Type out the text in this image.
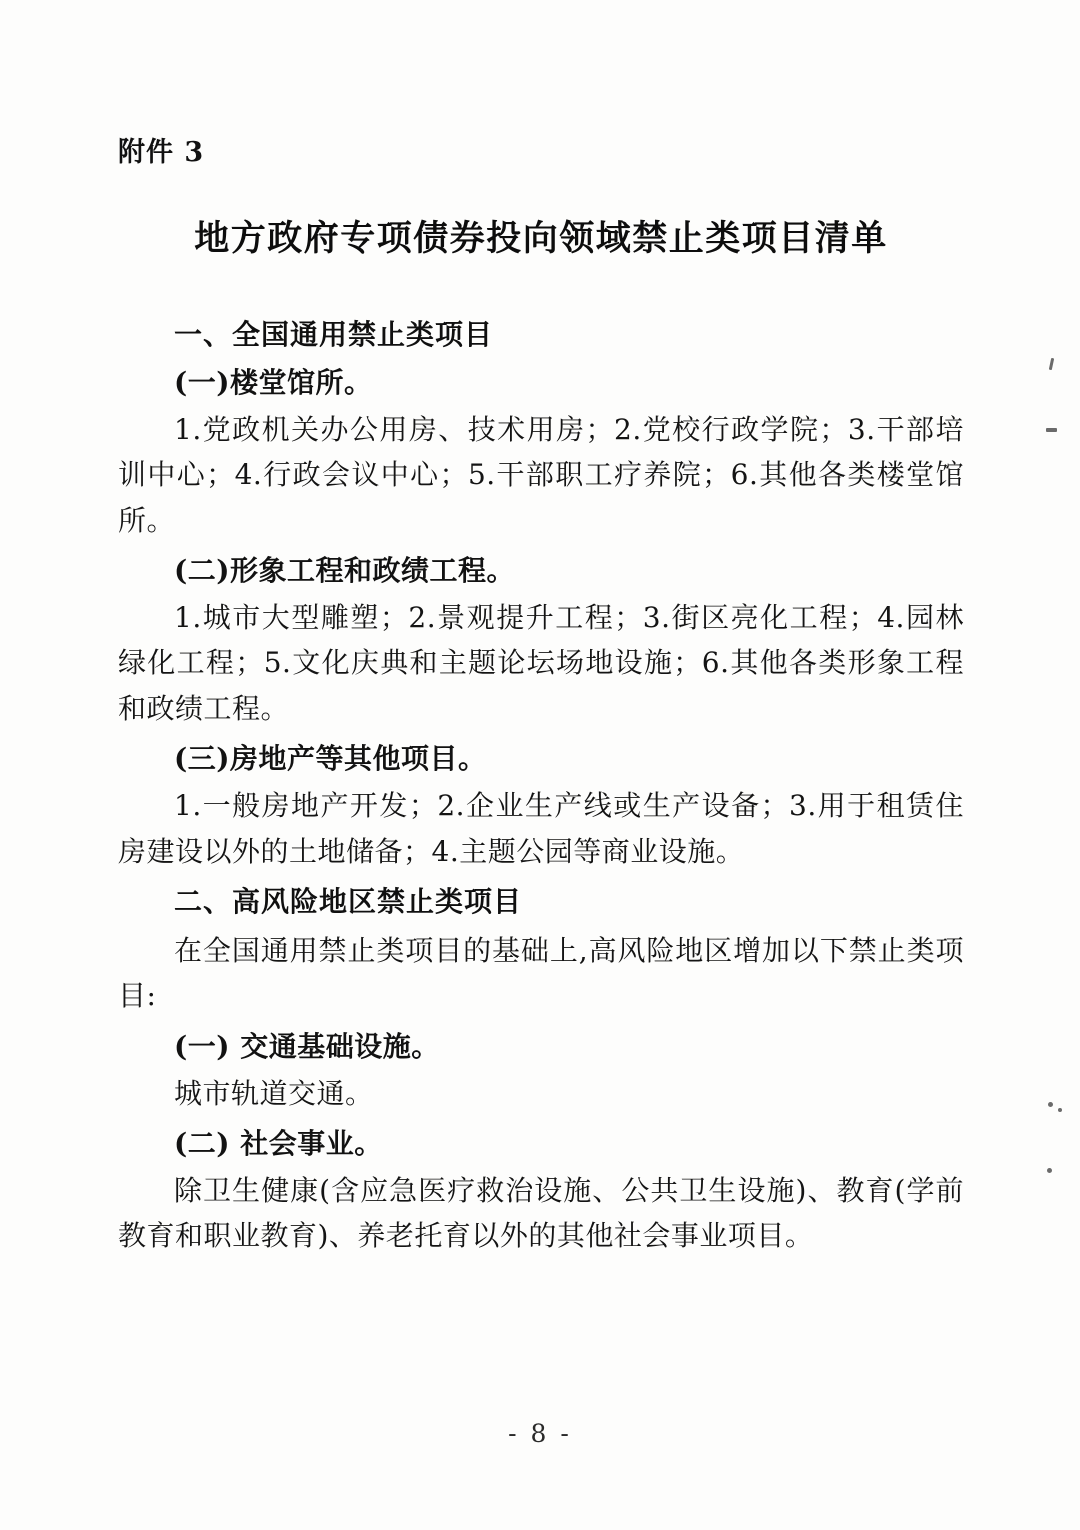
附件 3

地方政府专项债券投向领域禁止类项目清单
一、全国通用禁止类项目

(一)楼堂馆所。

1.党政机关办公用房、技术用房；2.党校行政学院；3.干部培训中心；4.行政会议中心；5.干部职工疗养院；6.其他各类楼堂馆所。

(二)形象工程和政绩工程。

1.城市大型雕塑；2.景观提升工程；3.街区亮化工程；4.园林绿化工程；5.文化庆典和主题论坛场地设施；6.其他各类形象工程和政绩工程。

(三)房地产等其他项目。

1.一般房地产开发；2.企业生产线或生产设备；3.用于租赁住房建设以外的土地储备；4.主题公园等商业设施。

二、高风险地区禁止类项目

在全国通用禁止类项目的基础上,高风险地区增加以下禁止类项目:

(一) 交通基础设施。

城市轨道交通。

(二) 社会事业。

除卫生健康(含应急医疗救治设施、公共卫生设施)、教育(学前教育和职业教育)、养老托育以外的其他社会事业项目。

- 8 -
